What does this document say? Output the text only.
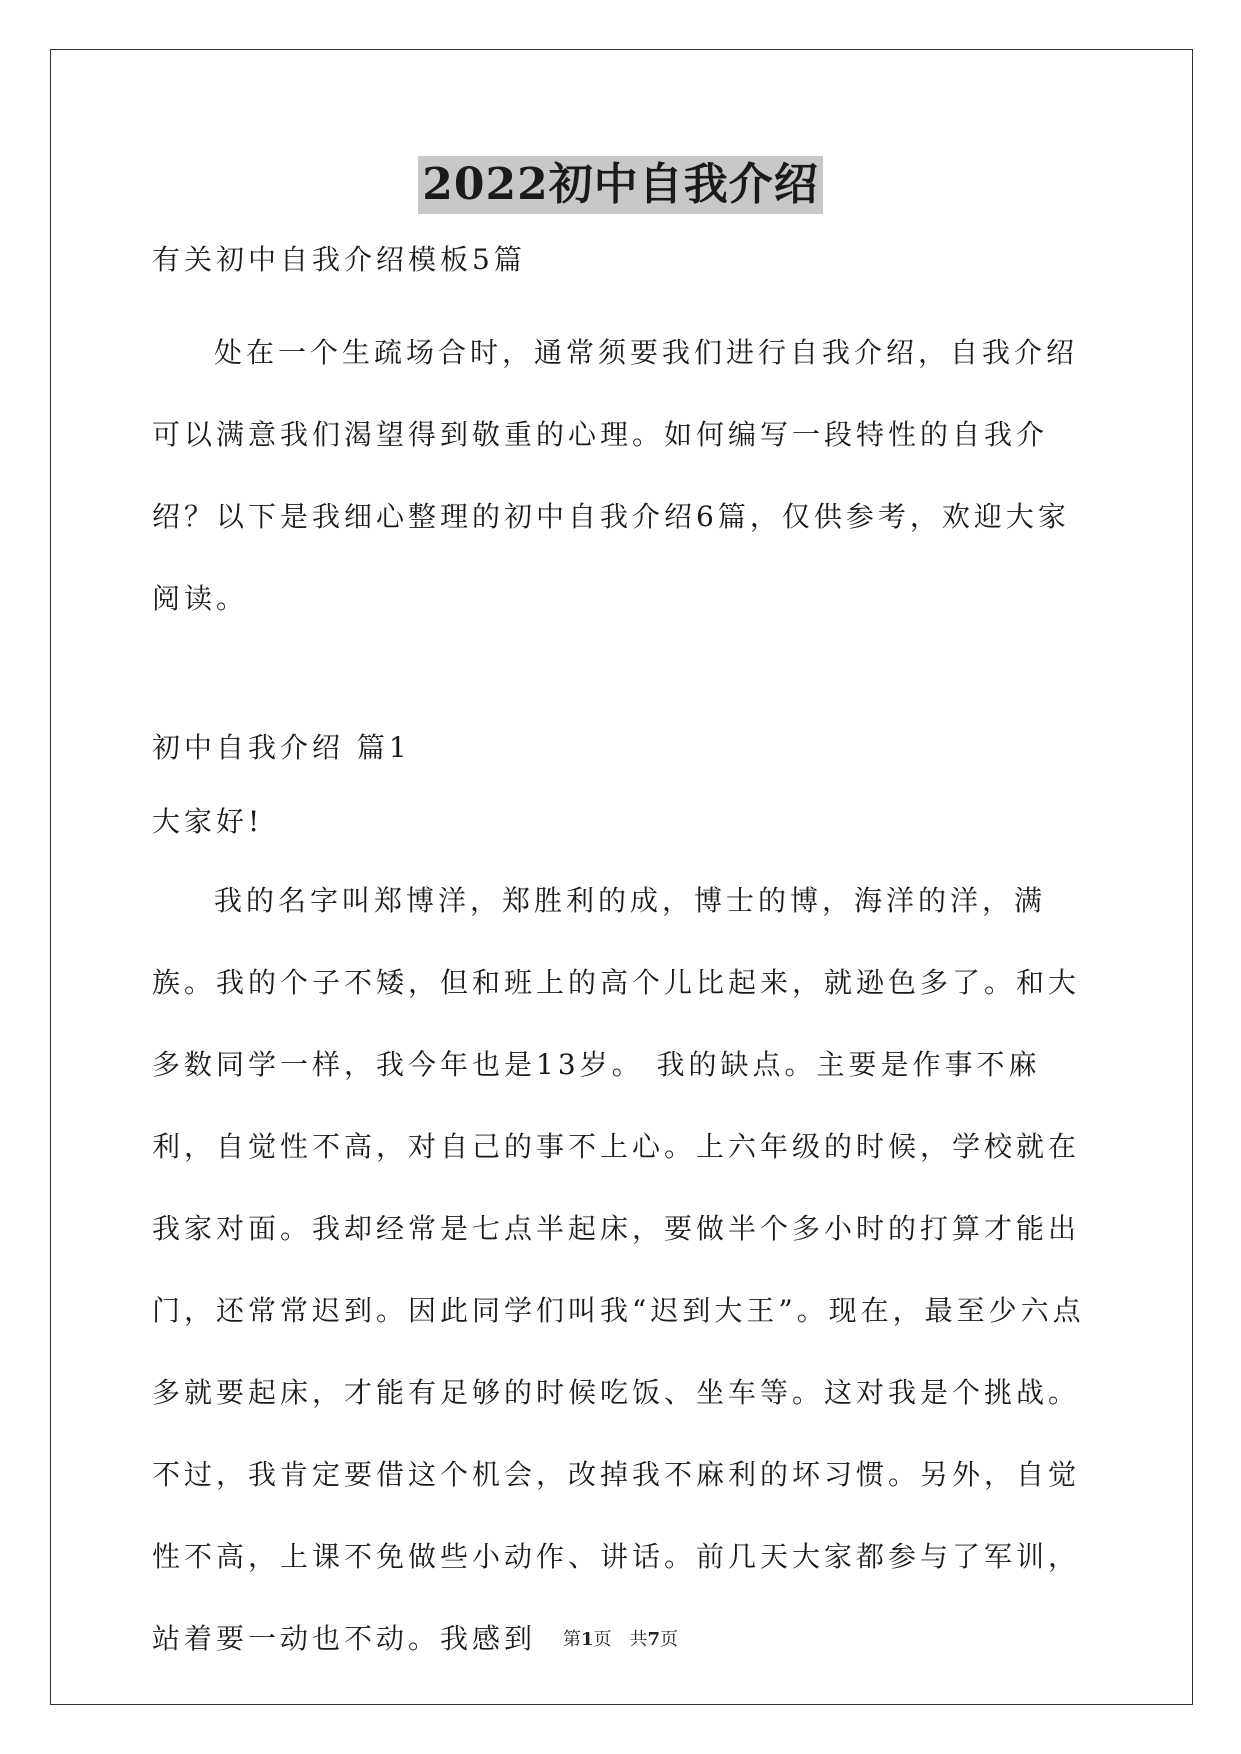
2022初中自我介绍

有关初中自我介绍模板5篇

处在一个生疏场合时，通常须要我们进行自我介绍，自我介绍可以满意我们渴望得到敬重的心理。如何编写一段特性的自我介绍？以下是我细心整理的初中自我介绍6篇，仅供参考，欢迎大家阅读。

初中自我介绍 篇1

大家好!

我的名字叫郑博洋，郑胜利的成，博士的博，海洋的洋，满族。我的个子不矮，但和班上的高个儿比起来，就逊色多了。和大多数同学一样，我今年也是13岁。 我的缺点。主要是作事不麻利，自觉性不高，对自己的事不上心。上六年级的时候，学校就在我家对面。我却经常是七点半起床，要做半个多小时的打算才能出门，还常常迟到。因此同学们叫我“迟到大王”。现在，最至少六点多就要起床，才能有足够的时候吃饭、坐车等。这对我是个挑战。不过，我肯定要借这个机会，改掉我不麻利的坏习惯。另外，自觉性不高，上课不免做些小动作、讲话。前几天大家都参与了军训，站着要一动也不动。我感到	第1页　共7页
